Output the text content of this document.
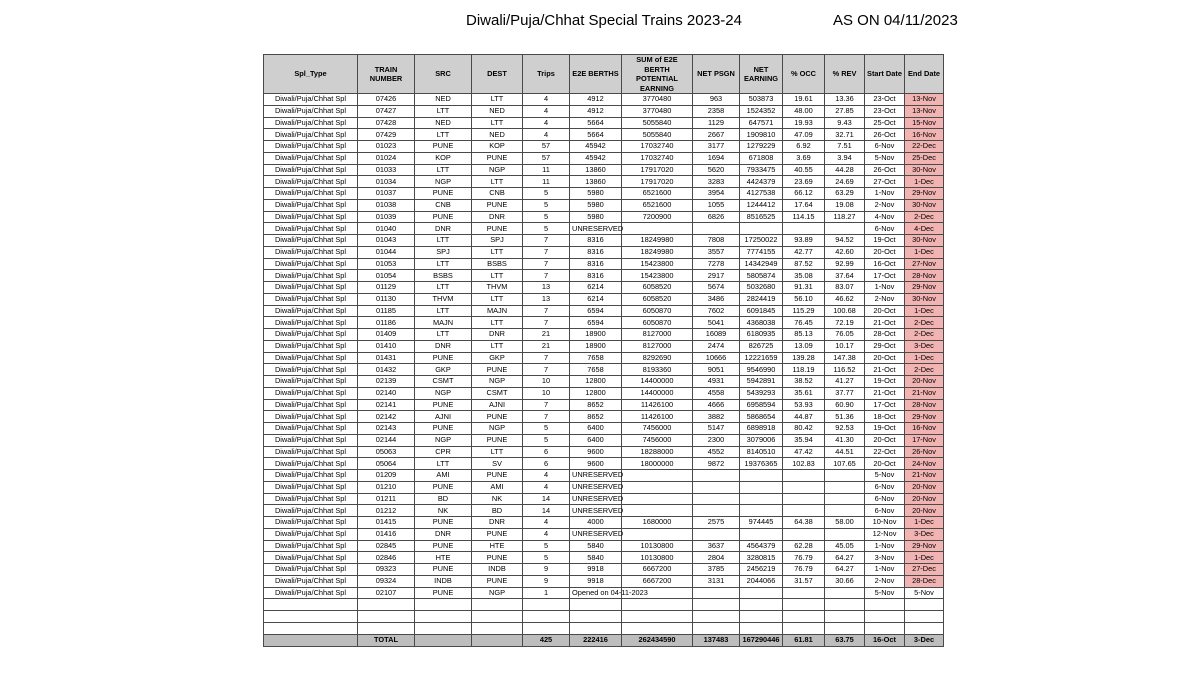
Diwali/Puja/Chhat Special Trains 2023-24	AS ON 04/11/2023
Spl_Type	TRAIN NUMBER	SRC	DEST	Trips	E2E BERTHS	SUM of E2E BERTH POTENTIAL EARNING	NET PSGN	NET EARNING	% OCC	% REV	Start Date	End Date
Diwali/Puja/Chhat Spl	07426	NED	LTT	4	4912	3770480	963	503873	19.61	13.36	23-Oct	13-Nov
Diwali/Puja/Chhat Spl	07427	LTT	NED	4	4912	3770480	2358	1524352	48.00	27.85	23-Oct	13-Nov
Diwali/Puja/Chhat Spl	07428	NED	LTT	4	5664	5055840	1129	647571	19.93	9.43	25-Oct	15-Nov
Diwali/Puja/Chhat Spl	07429	LTT	NED	4	5664	5055840	2667	1909810	47.09	32.71	26-Oct	16-Nov
Diwali/Puja/Chhat Spl	01023	PUNE	KOP	57	45942	17032740	3177	1279229	6.92	7.51	6-Nov	22-Dec
Diwali/Puja/Chhat Spl	01024	KOP	PUNE	57	45942	17032740	1694	671808	3.69	3.94	5-Nov	25-Dec
Diwali/Puja/Chhat Spl	01033	LTT	NGP	11	13860	17917020	5620	7933475	40.55	44.28	26-Oct	30-Nov
Diwali/Puja/Chhat Spl	01034	NGP	LTT	11	13860	17917020	3283	4424379	23.69	24.69	27-Oct	1-Dec
Diwali/Puja/Chhat Spl	01037	PUNE	CNB	5	5980	6521600	3954	4127538	66.12	63.29	1-Nov	29-Nov
Diwali/Puja/Chhat Spl	01038	CNB	PUNE	5	5980	6521600	1055	1244412	17.64	19.08	2-Nov	30-Nov
Diwali/Puja/Chhat Spl	01039	PUNE	DNR	5	5980	7200900	6826	8516525	114.15	118.27	4-Nov	2-Dec
Diwali/Puja/Chhat Spl	01040	DNR	PUNE	5	UNRESERVED						6-Nov	4-Dec
Diwali/Puja/Chhat Spl	01043	LTT	SPJ	7	8316	18249980	7808	17250022	93.89	94.52	19-Oct	30-Nov
Diwali/Puja/Chhat Spl	01044	SPJ	LTT	7	8316	18249980	3557	7774155	42.77	42.60	20-Oct	1-Dec
Diwali/Puja/Chhat Spl	01053	LTT	BSBS	7	8316	15423800	7278	14342949	87.52	92.99	16-Oct	27-Nov
Diwali/Puja/Chhat Spl	01054	BSBS	LTT	7	8316	15423800	2917	5805874	35.08	37.64	17-Oct	28-Nov
Diwali/Puja/Chhat Spl	01129	LTT	THVM	13	6214	6058520	5674	5032680	91.31	83.07	1-Nov	29-Nov
Diwali/Puja/Chhat Spl	01130	THVM	LTT	13	6214	6058520	3486	2824419	56.10	46.62	2-Nov	30-Nov
Diwali/Puja/Chhat Spl	01185	LTT	MAJN	7	6594	6050870	7602	6091845	115.29	100.68	20-Oct	1-Dec
Diwali/Puja/Chhat Spl	01186	MAJN	LTT	7	6594	6050870	5041	4368038	76.45	72.19	21-Oct	2-Dec
Diwali/Puja/Chhat Spl	01409	LTT	DNR	21	18900	8127000	16089	6180935	85.13	76.05	28-Oct	2-Dec
Diwali/Puja/Chhat Spl	01410	DNR	LTT	21	18900	8127000	2474	826725	13.09	10.17	29-Oct	3-Dec
Diwali/Puja/Chhat Spl	01431	PUNE	GKP	7	7658	8292690	10666	12221659	139.28	147.38	20-Oct	1-Dec
Diwali/Puja/Chhat Spl	01432	GKP	PUNE	7	7658	8193360	9051	9546990	118.19	116.52	21-Oct	2-Dec
Diwali/Puja/Chhat Spl	02139	CSMT	NGP	10	12800	14400000	4931	5942891	38.52	41.27	19-Oct	20-Nov
Diwali/Puja/Chhat Spl	02140	NGP	CSMT	10	12800	14400000	4558	5439293	35.61	37.77	21-Oct	21-Nov
Diwali/Puja/Chhat Spl	02141	PUNE	AJNI	7	8652	11426100	4666	6958594	53.93	60.90	17-Oct	28-Nov
Diwali/Puja/Chhat Spl	02142	AJNI	PUNE	7	8652	11426100	3882	5868654	44.87	51.36	18-Oct	29-Nov
Diwali/Puja/Chhat Spl	02143	PUNE	NGP	5	6400	7456000	5147	6898918	80.42	92.53	19-Oct	16-Nov
Diwali/Puja/Chhat Spl	02144	NGP	PUNE	5	6400	7456000	2300	3079006	35.94	41.30	20-Oct	17-Nov
Diwali/Puja/Chhat Spl	05063	CPR	LTT	6	9600	18288000	4552	8140510	47.42	44.51	22-Oct	26-Nov
Diwali/Puja/Chhat Spl	05064	LTT	SV	6	9600	18000000	9872	19376365	102.83	107.65	20-Oct	24-Nov
Diwali/Puja/Chhat Spl	01209	AMI	PUNE	4	UNRESERVED						5-Nov	21-Nov
Diwali/Puja/Chhat Spl	01210	PUNE	AMI	4	UNRESERVED						6-Nov	20-Nov
Diwali/Puja/Chhat Spl	01211	BD	NK	14	UNRESERVED						6-Nov	20-Nov
Diwali/Puja/Chhat Spl	01212	NK	BD	14	UNRESERVED						6-Nov	20-Nov
Diwali/Puja/Chhat Spl	01415	PUNE	DNR	4	4000	1680000	2575	974445	64.38	58.00	10-Nov	1-Dec
Diwali/Puja/Chhat Spl	01416	DNR	PUNE	4	UNRESERVED						12-Nov	3-Dec
Diwali/Puja/Chhat Spl	02845	PUNE	HTE	5	5840	10130800	3637	4564379	62.28	45.05	1-Nov	29-Nov
Diwali/Puja/Chhat Spl	02846	HTE	PUNE	5	5840	10130800	2804	3280815	76.79	64.27	3-Nov	1-Dec
Diwali/Puja/Chhat Spl	09323	PUNE	INDB	9	9918	6667200	3785	2456219	76.79	64.27	1-Nov	27-Dec
Diwali/Puja/Chhat Spl	09324	INDB	PUNE	9	9918	6667200	3131	2044066	31.57	30.66	2-Nov	28-Dec
Diwali/Puja/Chhat Spl	02107	PUNE	NGP	1	Opened on 04-11-2023						5-Nov	5-Nov

	TOTAL			425	222416	262434590	137483	167290446	61.81	63.75	16-Oct	3-Dec
